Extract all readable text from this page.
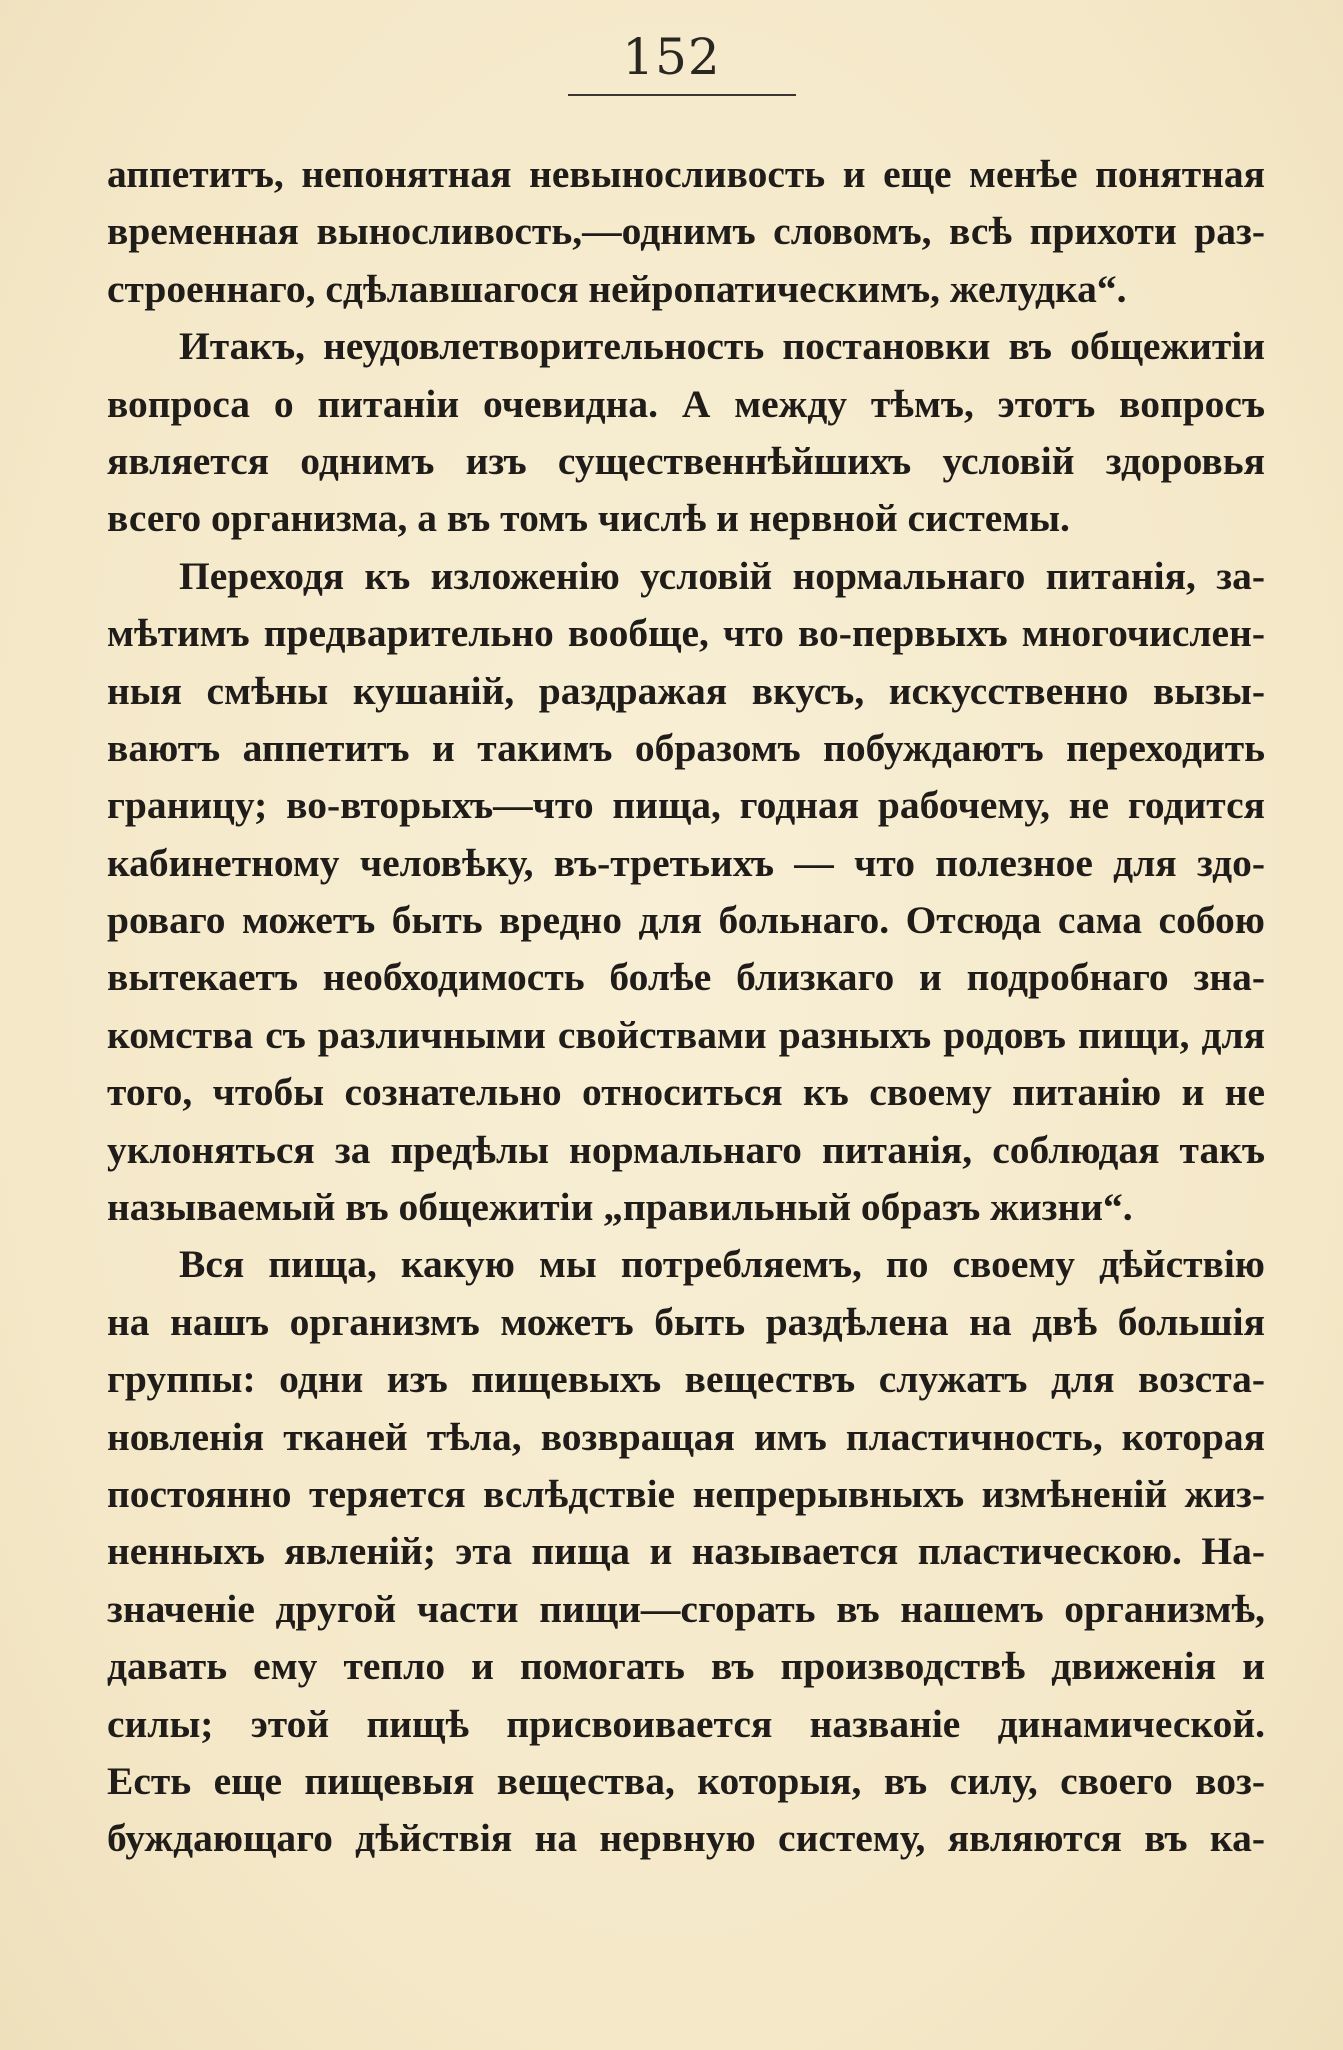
152
аппетитъ, непонятная невыносливость и еще менѣе понятная
временная выносливость,—однимъ словомъ, всѣ прихоти раз-
строеннаго, сдѣлавшагося нейропатическимъ, желудка“.
Итакъ, неудовлетворительность постановки въ общежитіи
вопроса о питаніи очевидна. А между тѣмъ, этотъ вопросъ
является однимъ изъ существеннѣйшихъ условій здоровья
всего организма, а въ томъ числѣ и нервной системы.
Переходя къ изложенію условій нормальнаго питанія, за-
мѣтимъ предварительно вообще, что во-первыхъ многочислен-
ныя смѣны кушаній, раздражая вкусъ, искусственно вызы-
ваютъ аппетитъ и такимъ образомъ побуждаютъ переходить
границу; во-вторыхъ—что пища, годная рабочему, не годится
кабинетному человѣку, въ-третьихъ — что полезное для здо-
роваго можетъ быть вредно для больнаго. Отсюда сама собою
вытекаетъ необходимость болѣе близкаго и подробнаго зна-
комства съ различными свойствами разныхъ родовъ пищи, для
того, чтобы сознательно относиться къ своему питанію и не
уклоняться за предѣлы нормальнаго питанія, соблюдая такъ
называемый въ общежитіи „правильный образъ жизни“.
Вся пища, какую мы потребляемъ, по своему дѣйствію
на нашъ организмъ можетъ быть раздѣлена на двѣ большія
группы: одни изъ пищевыхъ веществъ служатъ для возста-
новленія тканей тѣла, возвращая имъ пластичность, которая
постоянно теряется вслѣдствіе непрерывныхъ измѣненій жиз-
ненныхъ явленій; эта пища и называется пластическою. На-
значеніе другой части пищи—сгорать въ нашемъ организмѣ,
давать ему тепло и помогать въ производствѣ движенія и
силы; этой пищѣ присвоивается названіе динамической.
Есть еще пищевыя вещества, которыя, въ силу, своего воз-
буждающаго дѣйствія на нервную систему, являются въ ка-
